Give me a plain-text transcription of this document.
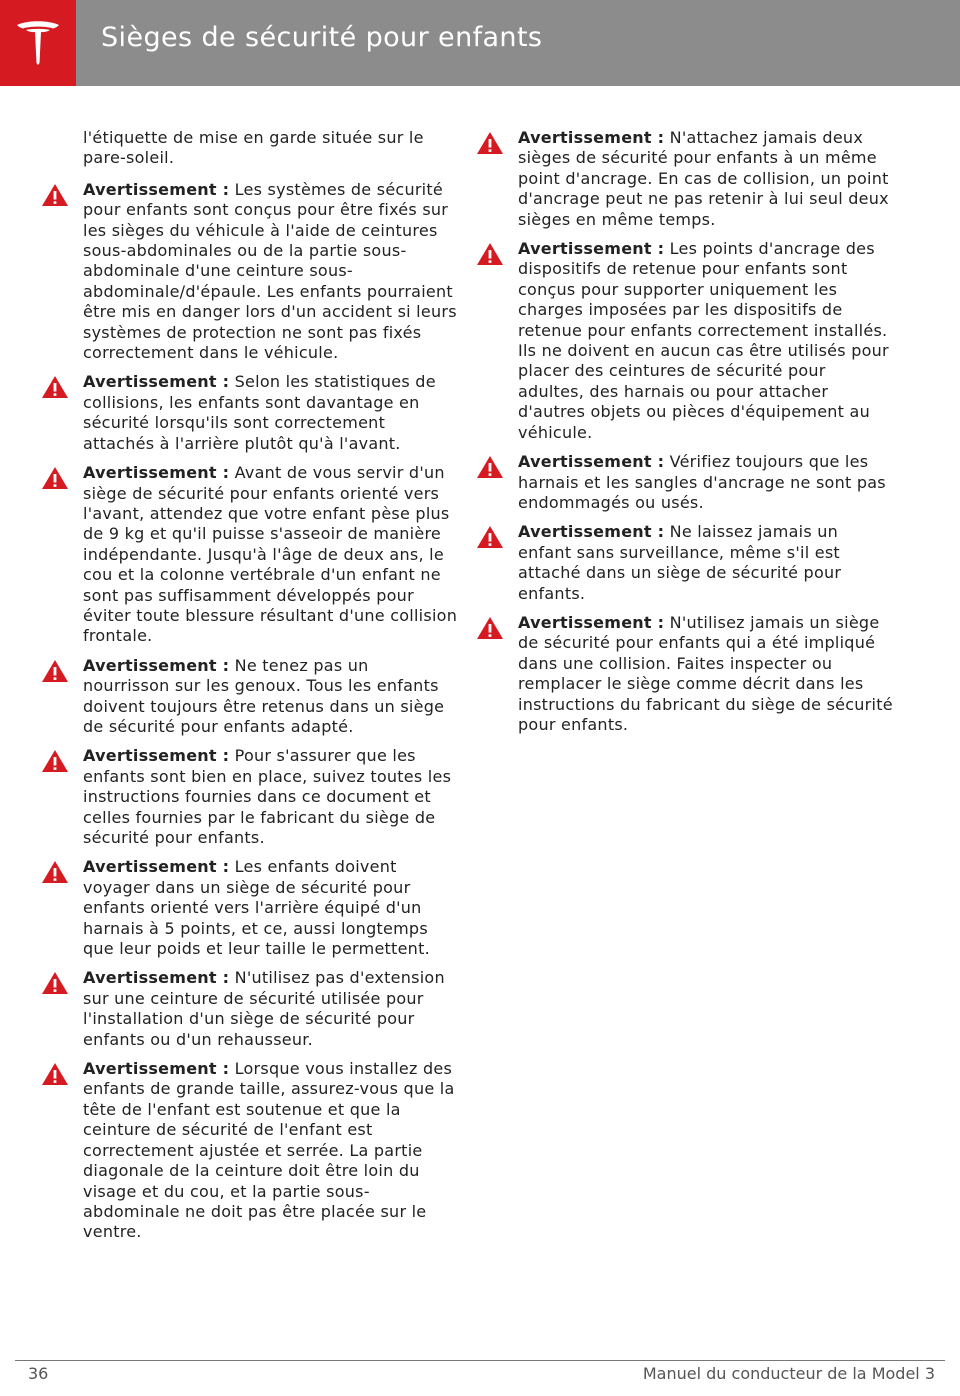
Sièges de sécurité pour enfants
l'étiquette de mise en garde située sur le pare-soleil.
Avertissement : Les systèmes de sécurité pour enfants sont conçus pour être fixés sur les sièges du véhicule à l'aide de ceintures sous-abdominales ou de la partie sous-abdominale d'une ceinture sous-abdominale/d'épaule. Les enfants pourraient être mis en danger lors d'un accident si leurs systèmes de protection ne sont pas fixés correctement dans le véhicule.
Avertissement : Selon les statistiques de collisions, les enfants sont davantage en sécurité lorsqu'ils sont correctement attachés à l'arrière plutôt qu'à l'avant.
Avertissement : Avant de vous servir d'un siège de sécurité pour enfants orienté vers l'avant, attendez que votre enfant pèse plus de 9 kg et qu'il puisse s'asseoir de manière indépendante. Jusqu'à l'âge de deux ans, le cou et la colonne vertébrale d'un enfant ne sont pas suffisamment développés pour éviter toute blessure résultant d'une collision frontale.
Avertissement : Ne tenez pas un nourrisson sur les genoux. Tous les enfants doivent toujours être retenus dans un siège de sécurité pour enfants adapté.
Avertissement : Pour s'assurer que les enfants sont bien en place, suivez toutes les instructions fournies dans ce document et celles fournies par le fabricant du siège de sécurité pour enfants.
Avertissement : Les enfants doivent voyager dans un siège de sécurité pour enfants orienté vers l'arrière équipé d'un harnais à 5 points, et ce, aussi longtemps que leur poids et leur taille le permettent.
Avertissement : N'utilisez pas d'extension sur une ceinture de sécurité utilisée pour l'installation d'un siège de sécurité pour enfants ou d'un rehausseur.
Avertissement : Lorsque vous installez des enfants de grande taille, assurez-vous que la tête de l'enfant est soutenue et que la ceinture de sécurité de l'enfant est correctement ajustée et serrée. La partie diagonale de la ceinture doit être loin du visage et du cou, et la partie sous-abdominale ne doit pas être placée sur le ventre.
Avertissement : N'attachez jamais deux sièges de sécurité pour enfants à un même point d'ancrage. En cas de collision, un point d'ancrage peut ne pas retenir à lui seul deux sièges en même temps.
Avertissement : Les points d'ancrage des dispositifs de retenue pour enfants sont conçus pour supporter uniquement les charges imposées par les dispositifs de retenue pour enfants correctement installés. Ils ne doivent en aucun cas être utilisés pour placer des ceintures de sécurité pour adultes, des harnais ou pour attacher d'autres objets ou pièces d'équipement au véhicule.
Avertissement : Vérifiez toujours que les harnais et les sangles d'ancrage ne sont pas endommagés ou usés.
Avertissement : Ne laissez jamais un enfant sans surveillance, même s'il est attaché dans un siège de sécurité pour enfants.
Avertissement : N'utilisez jamais un siège de sécurité pour enfants qui a été impliqué dans une collision. Faites inspecter ou remplacer le siège comme décrit dans les instructions du fabricant du siège de sécurité pour enfants.
36	Manuel du conducteur de la Model 3
